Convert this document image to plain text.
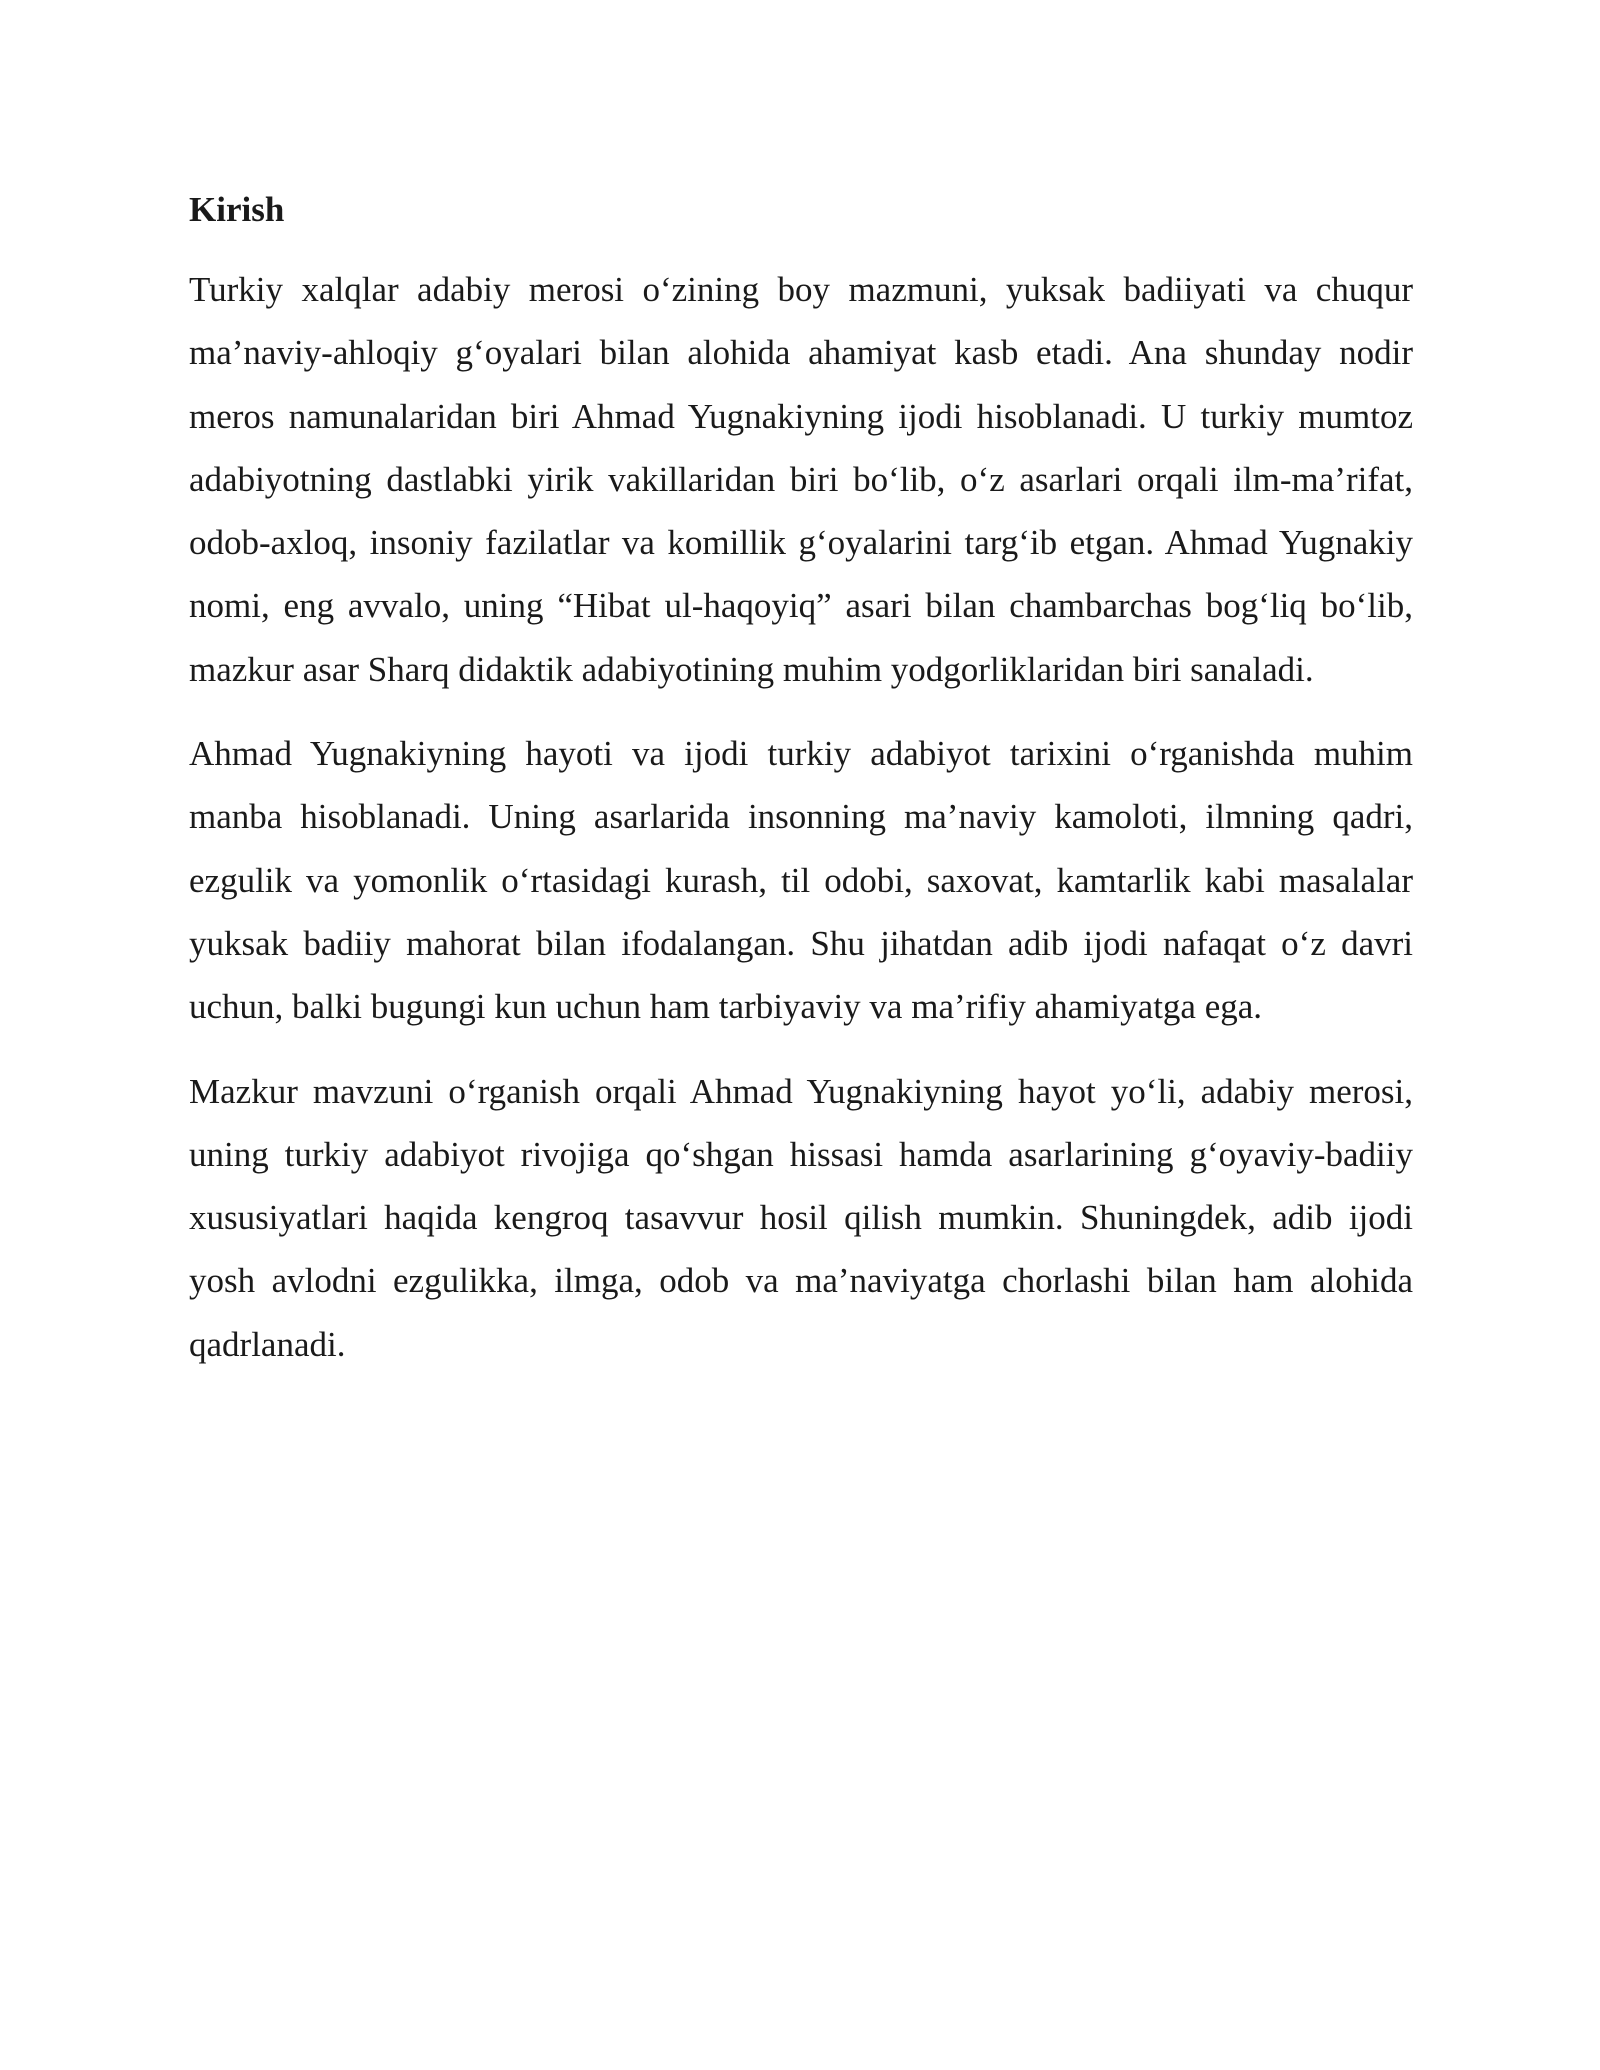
Kirish

Turkiy xalqlar adabiy merosi o‘zining boy mazmuni, yuksak badiiyati va chuqur ma’naviy-ahloqiy g‘oyalari bilan alohida ahamiyat kasb etadi. Ana shunday nodir meros namunalaridan biri Ahmad Yugnakiyning ijodi hisoblanadi. U turkiy mumtoz adabiyotning dastlabki yirik vakillaridan biri bo‘lib, o‘z asarlari orqali ilm-ma’rifat, odob-axloq, insoniy fazilatlar va komillik g‘oyalarini targ‘ib etgan. Ahmad Yugnakiy nomi, eng avvalo, uning “Hibat ul-haqoyiq” asari bilan chambarchas bog‘liq bo‘lib, mazkur asar Sharq didaktik adabiyotining muhim yodgorliklaridan biri sanaladi.

Ahmad Yugnakiyning hayoti va ijodi turkiy adabiyot tarixini o‘rganishda muhim manba hisoblanadi. Uning asarlarida insonning ma’naviy kamoloti, ilmning qadri, ezgulik va yomonlik o‘rtasidagi kurash, til odobi, saxovat, kamtarlik kabi masalalar yuksak badiiy mahorat bilan ifodalangan. Shu jihatdan adib ijodi nafaqat o‘z davri uchun, balki bugungi kun uchun ham tarbiyaviy va ma’rifiy ahamiyatga ega.

Mazkur mavzuni o‘rganish orqali Ahmad Yugnakiyning hayot yo‘li, adabiy merosi, uning turkiy adabiyot rivojiga qo‘shgan hissasi hamda asarlarining g‘oyaviy-badiiy xususiyatlari haqida kengroq tasavvur hosil qilish mumkin. Shuningdek, adib ijodi yosh avlodni ezgulikka, ilmga, odob va ma’naviyatga chorlashi bilan ham alohida qadrlanadi.
